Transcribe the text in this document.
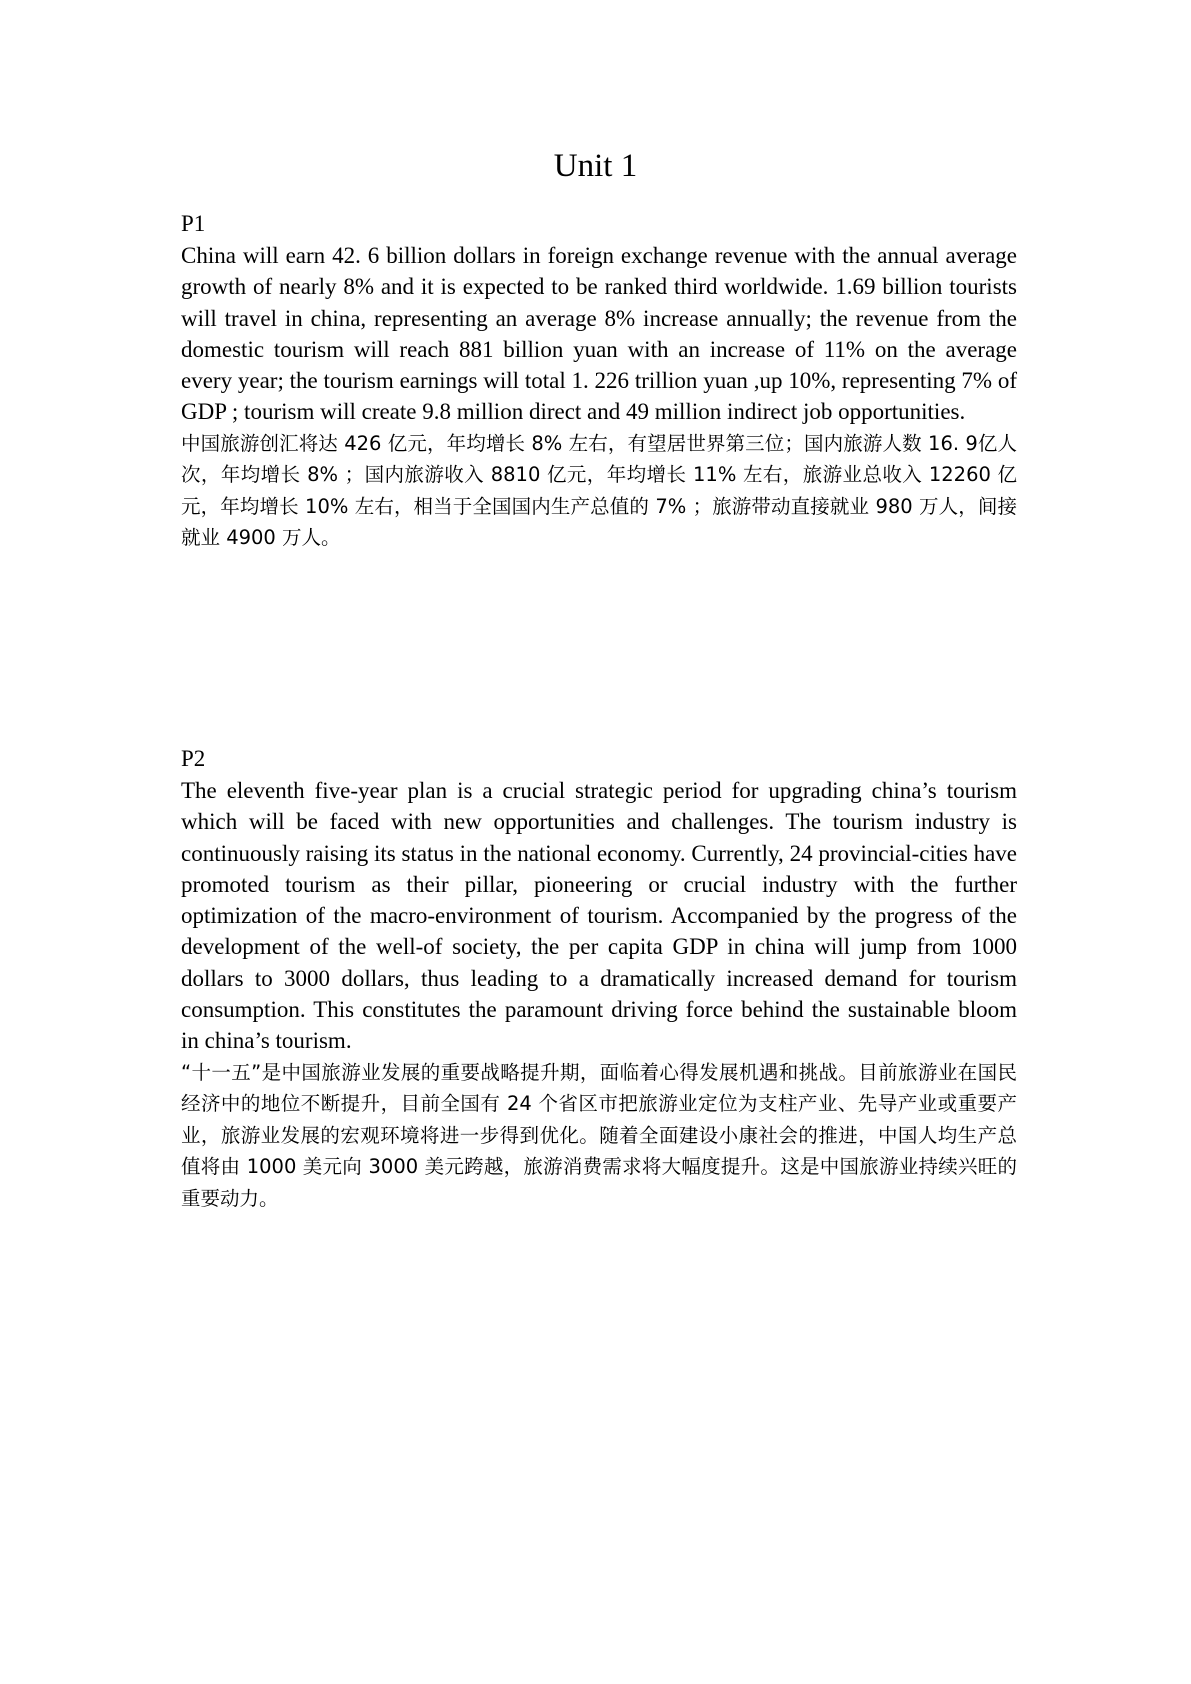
Unit 1

P1

China will earn 42. 6 billion dollars in foreign exchange revenue with the annual average growth of nearly 8% and it is expected to be ranked third worldwide. 1.69 billion tourists will travel in china, representing an average 8% increase annually; the revenue from the domestic tourism will reach 881 billion yuan with an increase of 11% on the average every year; the tourism earnings will total 1. 226 trillion yuan ,up 10%, representing 7% of GDP ; tourism will create 9.8 million direct and 49 million indirect job opportunities.

中国旅游创汇将达 426 亿元，年均增长 8% 左右，有望居世界第三位；国内旅游人数 16. 9亿人次，年均增长 8% ；国内旅游收入 8810 亿元，年均增长 11% 左右，旅游业总收入 12260 亿元，年均增长 10% 左右，相当于全国国内生产总值的 7% ；旅游带动直接就业 980 万人，间接就业 4900 万人。

P2

The eleventh five-year plan is a crucial strategic period for upgrading china’s tourism which will be faced with new opportunities and challenges. The tourism industry is continuously raising its status in the national economy. Currently, 24 provincial-cities have promoted tourism as their pillar, pioneering or crucial industry with the further optimization of the macro-environment of tourism. Accompanied by the progress of the development of the well-of society, the per capita GDP in china will jump from 1000 dollars to 3000 dollars, thus leading to a dramatically increased demand for tourism consumption. This constitutes the paramount driving force behind the sustainable bloom in china’s tourism.

“十一五”是中国旅游业发展的重要战略提升期，面临着心得发展机遇和挑战。目前旅游业在国民经济中的地位不断提升，目前全国有 24 个省区市把旅游业定位为支柱产业、先导产业或重要产业，旅游业发展的宏观环境将进一步得到优化。随着全面建设小康社会的推进，中国人均生产总值将由 1000 美元向 3000 美元跨越，旅游消费需求将大幅度提升。这是中国旅游业持续兴旺的重要动力。
